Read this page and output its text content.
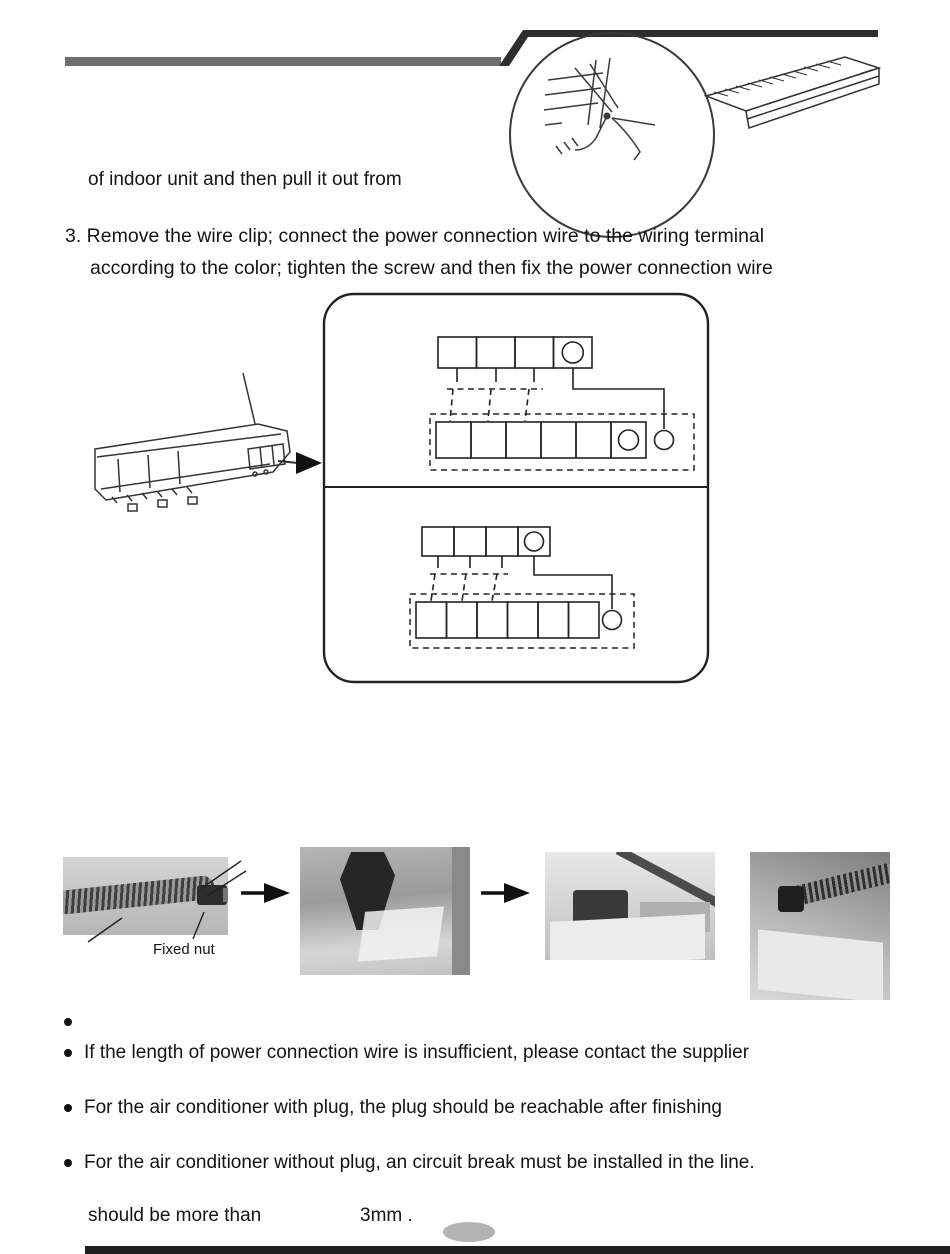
of indoor unit and then pull it out from
3. Remove the wire clip; connect the power connection wire to the wiring terminal
according to the color; tighten the screw and then fix the power connection wire
Fixed nut
If the length of power connection wire is insufficient, please contact the supplier
For the air conditioner with plug, the plug should be reachable after finishing
For the air conditioner without plug, an circuit break must be installed in the line.
should be more than	3mm .
